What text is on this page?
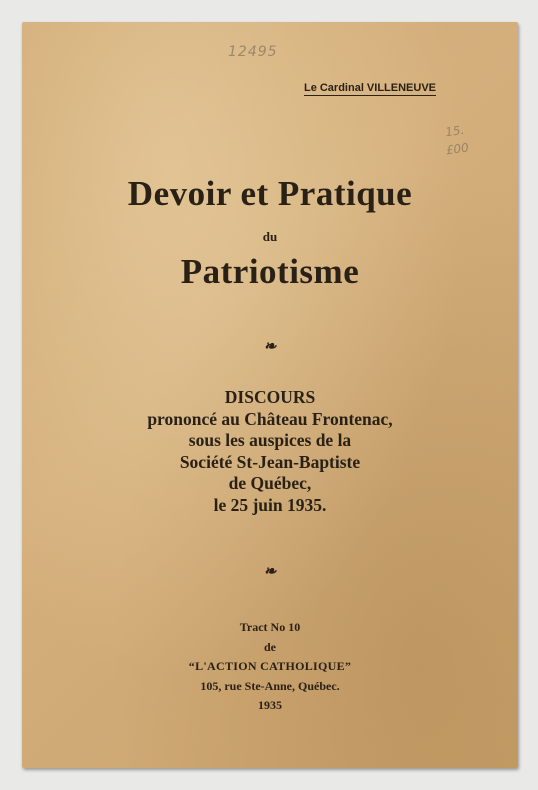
12495
15.
£00
Le Cardinal VILLENEUVE
Devoir et Pratique
du
Patriotisme
❧
DISCOURS
prononcé au Château Frontenac,
sous les auspices de la
Société St-Jean-Baptiste
de Québec,
le 25 juin 1935.
❧
Tract No 10
de
“L'ACTION CATHOLIQUE”
105, rue Ste-Anne, Québec.
1935
